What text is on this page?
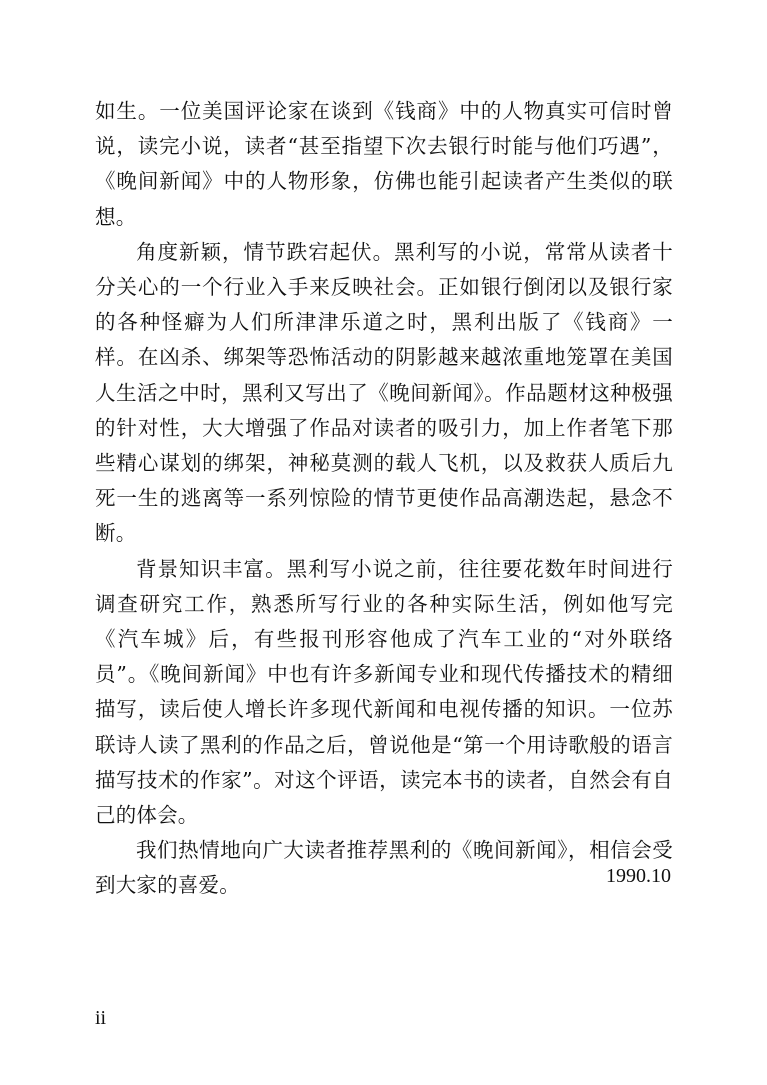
如生。一位美国评论家在谈到《钱商》中的人物真实可信时曾说，读完小说，读者“甚至指望下次去银行时能与他们巧遇”，《晚间新闻》中的人物形象，仿佛也能引起读者产生类似的联想。

角度新颖，情节跌宕起伏。黑利写的小说，常常从读者十分关心的一个行业入手来反映社会。正如银行倒闭以及银行家的各种怪癖为人们所津津乐道之时，黑利出版了《钱商》一样。在凶杀、绑架等恐怖活动的阴影越来越浓重地笼罩在美国人生活之中时，黑利又写出了《晚间新闻》。作品题材这种极强的针对性，大大增强了作品对读者的吸引力，加上作者笔下那些精心谋划的绑架，神秘莫测的载人飞机，以及救获人质后九死一生的逃离等一系列惊险的情节更使作品高潮迭起，悬念不断。

背景知识丰富。黑利写小说之前，往往要花数年时间进行调查研究工作，熟悉所写行业的各种实际生活，例如他写完《汽车城》后，有些报刊形容他成了汽车工业的“对外联络员”。《晚间新闻》中也有许多新闻专业和现代传播技术的精细描写，读后使人增长许多现代新闻和电视传播的知识。一位苏联诗人读了黑利的作品之后，曾说他是“第一个用诗歌般的语言描写技术的作家”。对这个评语，读完本书的读者，自然会有自己的体会。

我们热情地向广大读者推荐黑利的《晚间新闻》，相信会受到大家的喜爱。	1990.10
ii
